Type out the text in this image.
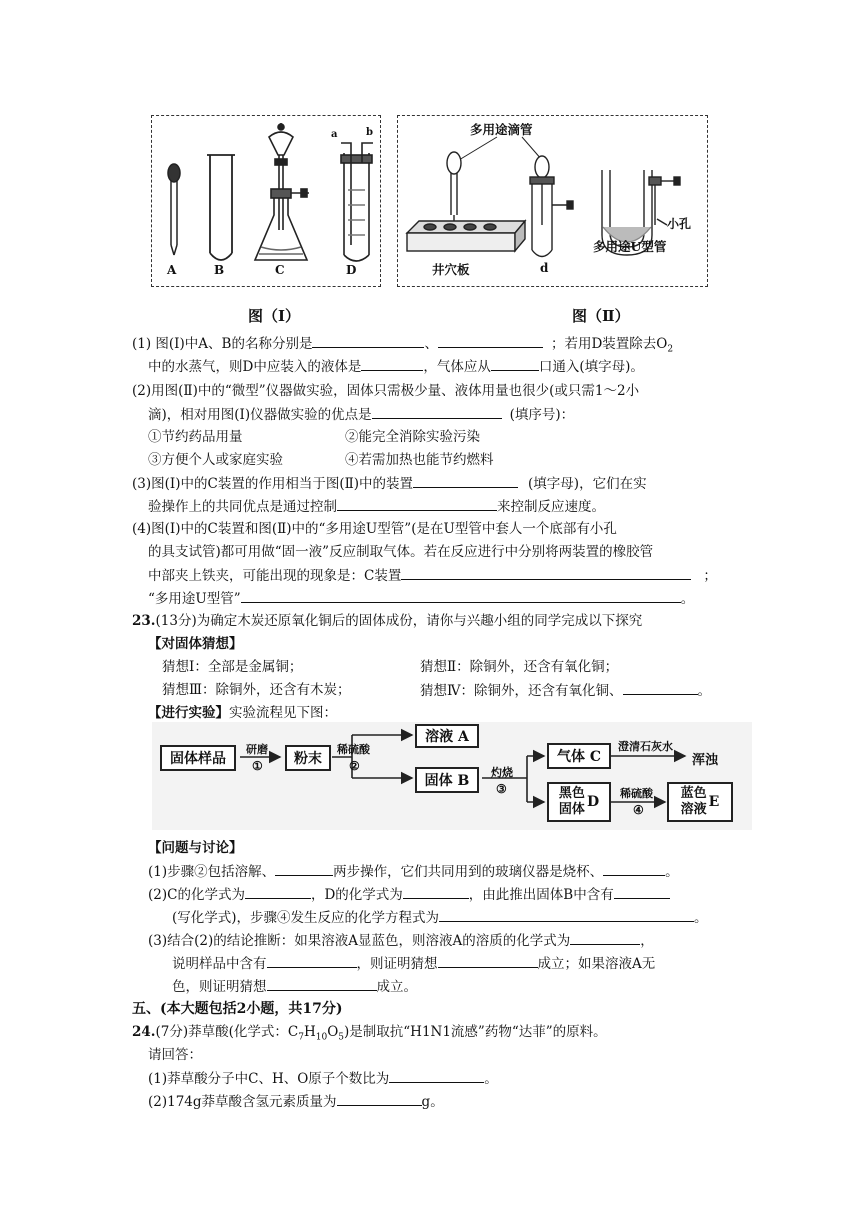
A	B	C	D
a	b
图（Ⅰ）
多用途滴管
井穴板	d
小孔
多用途U型管
图（Ⅱ）
(1) 图(Ⅰ)中A、B的名称分别是	、	；若用D装置除去$O_2$
中的水蒸气，则D中应装入的液体是	，气体应从	口通入(填字母)。
(2)用图(Ⅱ)中的“微型”仪器做实验，固体只需极少量、液体用量也很少(或只需1～2小
滴)，相对用图(Ⅰ)仪器做实验的优点是	(填序号)：
①节约药品用量	②能完全消除实验污染
③方便个人或家庭实验	④若需加热也能节约燃料
(3)图(Ⅰ)中的C装置的作用相当于图(Ⅱ)中的装置	(填字母)，它们在实
验操作上的共同优点是通过控制	来控制反应速度。
(4)图(Ⅰ)中的C装置和图(Ⅱ)中的“多用途U型管”(是在U型管中套人一个底部有小孔
的具支试管)都可用做“固一液”反应制取气体。若在反应进行中分别将两装置的橡胶管
中部夹上铁夹，可能出现的现象是：C装置	；
“多用途U型管”	。
23.(13分)为确定木炭还原氧化铜后的固体成份，请你与兴趣小组的同学完成以下探究
【对固体猜想】
猜想Ⅰ：全部是金属铜；	猜想Ⅱ：除铜外，还含有氧化铜；
猜想Ⅲ：除铜外，还含有木炭；	猜想Ⅳ：除铜外，还含有氧化铜、	。
【进行实验】实验流程见下图：
固体样品
研磨
①	粉末
稀硫酸
②
溶液 A
固体 B
灼烧
③
气体 C
澄清石灰水
浑浊
黑色
固体 D
稀硫酸
④
蓝色
溶液 E
【问题与讨论】
(1)步骤②包括溶解、	两步操作，它们共同用到的玻璃仪器是烧杯、	。
(2)C的化学式为	，D的化学式为	，由此推出固体B中含有
(写化学式)，步骤④发生反应的化学方程式为	。
(3)结合(2)的结论推断：如果溶液A显蓝色，则溶液A的溶质的化学式为	，
说明样品中含有	，则证明猜想	成立；如果溶液A无
色，则证明猜想	成立。
五、(本大题包括2小题，共17分)
24.(7分)莽草酸(化学式：$C_7H_{10}O_5$)是制取抗“H1N1流感”药物“达菲”的原料。
请回答：
(1)莽草酸分子中C、H、O原子个数比为	。
(2)174g莽草酸含氢元素质量为	g。
